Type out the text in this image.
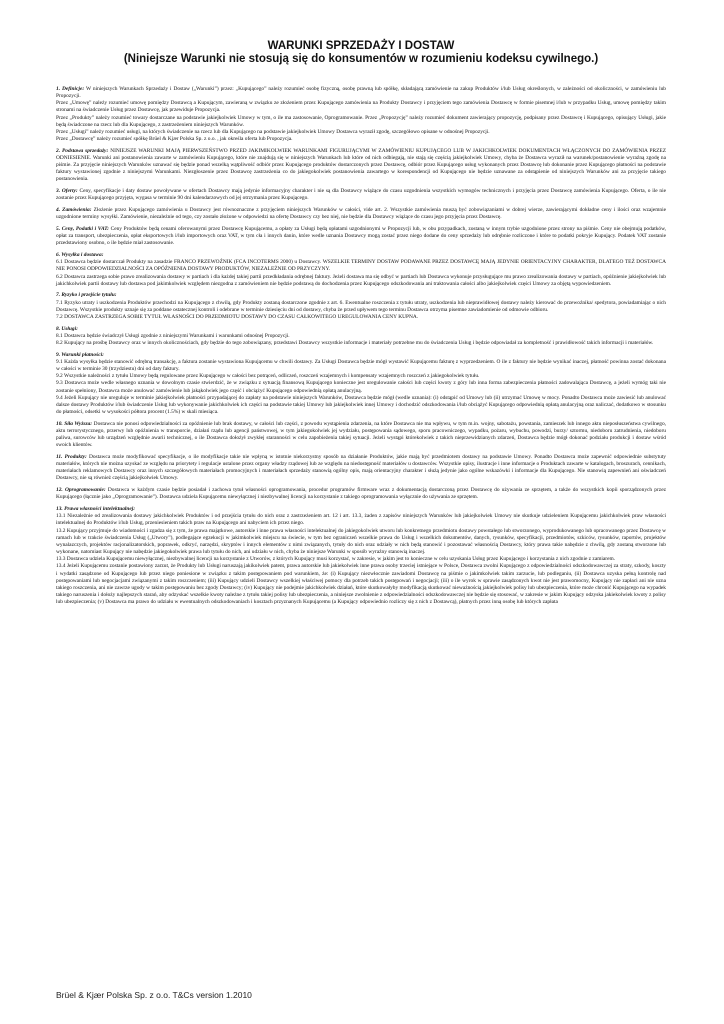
WARUNKI SPRZEDAŻY I DOSTAW
(Niniejsze Warunki nie stosują się do konsumentów w rozumieniu kodeksu cywilnego.)

1. Definicje: W niniejszych Warunkach Sprzedaży i Dostaw („Warunki”) przez: „Kupującego” należy rozumieć osobę fizyczną, osobę prawną lub spółkę, składającą zamówienie na zakup Produktów i/lub Usług określonych, w zależności od okoliczności, w zamówieniu lub Propozycji.

Przez „Umowę” należy rozumieć umowę pomiędzy Dostawcą a Kupującym, zawieraną w związku ze złożeniem przez Kupującego zamówienia na Produkty Dostawcy i przyjęciem tego zamówienia Dostawcę w formie pisemnej i/lub w przypadku Usług, umowę pomiędzy takim stronami na świadczenie Usług przez Dostawcę, jak przewiduje Propozycja.

Przez „Produkty” należy rozumieć towary dostarczane na podstawie jakiejkolwiek Umowy w tym, o ile ma zastosowanie, Oprogramowanie. Przez „Propozycję” należy rozumieć dokument zawierający propozycję, podpisany przez Dostawcę i Kupującego, opisujący Usługi, jakie będą świadczone na rzecz lub dla Kupującego, z zastrzeżeniem niniejszych Warunków.

Przez „Usługi” należy rozumieć usługi, na których świadczenie na rzecz lub dla Kupującego na podstawie jakiejkolwiek Umowy Dostawca wyraził zgodę, szczegółowo opisane w odnośnej Propozycji.

Przez „Dostawcę” należy rozumieć spółkę Brüel & Kjær Polska Sp. z o.o. , jak określa oferta lub Propozycja.

2. Podstawa sprzedaży: NINIEJSZE WARUNKI MAJĄ PIERWSZEŃSTWO PRZED JAKIMIKOLWIEK WARUNKAMI FIGURUJĄCYMI W ZAMÓWIENIU KUPUJĄCEGO LUB W JAKICHKOLWIEK DOKUMENTACH WŁĄCZONYCH DO ZAMÓWIENIA PRZEZ ODNIESIENIE. Warunki ani postanowienia zawarte w zamówieniu Kupującego, które nie znajdują się w niniejszych Warunkach lub które od nich odbiegają, nie stają się częścią jakiejkolwiek Umowy, chyba że Dostawca wyraził na warunek/postanowienie wyraźną zgodę na piśmie. Za przyjęcie niniejszych Warunków uznawać się będzie ponad wszelką wątpliwość odbiór przez Kupującego produktów dostarczonych przez Dostawcę, odbiór przez Kupującego usług wykonanych przez Dostawcę lub dokonanie przez Kupującego płatności na podstawie faktury wystawionej zgodnie z niniejszymi Warunkami. Niezgłoszenie przez Dostawcę zastrzeżenia co do jakiegokolwiek postanowienia zawartego w korespondencji od Kupującego nie będzie uznawane za odstąpienie od niniejszych Warunków ani za przyjęcie takiego postanowienia.

3. Oferty: Ceny, specyfikacje i daty dostaw powoływane w ofertach Dostawcy mają jedynie informacyjny charakter i nie są dla Dostawcy wiążące do czasu uzgodnienia wszystkich wymogów technicznych i przyjęcia przez Dostawcę zamówienia Kupującego. Oferta, o ile nie zostanie przez Kupującego przyjęta, wygasa w terminie 90 dni kalendarzowych od jej otrzymania przez Kupującego.

4. Zamówienia: Złożenie przez Kupującego zamówienia u Dostawcy jest równoznaczne z przyjęciem niniejszych Warunków w całości, vide art. 2. Wszystkie zamówienia muszą być zobowiązaniami w dobrej wierze, zawierającymi dokładne ceny i ilości oraz wzajemnie uzgodnione terminy wysyłki. Zamówienie, niezależnie od tego, czy zostało złożone w odpowiedzi na ofertę Dostawcy czy bez niej, nie będzie dla Dostawcy wiążące do czasu jego przyjęcia przez Dostawcę.

5. Ceny, Podatki i VAT: Ceny Produktów będą cenami oferowanymi przez Dostawcę Kupującemu, a opłaty za Usługi będą opłatami uzgodnionymi w Propozycji lub, w obu przypadkach, zostaną w innym trybie uzgodnione przez strony na piśmie. Ceny nie obejmują podatków, opłat za transport, ubezpieczenia, opłat eksportowych i/lub importowych oraz VAT, w tym cła i innych danin, które wedle uznania Dostawcy mogą zostać przez niego dodane do ceny sprzedaży lub odrębnie rozliczone i które to podatki pokryje Kupujący. Podatek VAT zostanie przedstawiony osobno, o ile będzie miał zastosowanie.

6. Wysyłka i dostawa:
6.1 Dostawca będzie dostarczał Produkty na zasadzie FRANCO PRZEWOŹNIK (FCA INCOTERMS 2000) u Dostawcy. WSZELKIE TERMINY DOSTAW PODAWANE PRZEZ DOSTAWCĘ MAJĄ JEDYNIE ORIENTACYJNY CHARAKTER, DLATEGO TEŻ DOSTAWCA NIE PONOSI ODPOWIEDZIALNOŚCI ZA OPÓŹNIENIA DOSTAWY PRODUKTÓW, NIEZALEŻNIE OD PRZYCZYNY.

6.2 Dostawca zastrzega sobie prawo zrealizowania dostawy w partiach i dla każdej takiej partii przedkładania odrębnej faktury. Jeżeli dostawa ma się odbyć w partiach lub Dostawca wykonuje przysługujące mu prawo zrealizowania dostawy w partiach, opóźnienie jakiejkolwiek lub jakichkolwiek partii dostawy lub dostawa pod jakimkolwiek względem niezgodna z zamówieniem nie będzie podstawą do dochodzenia przez Kupującego odszkodowania ani traktowania całości albo jakiejkolwiek części Umowy za objętą wypowiedzeniem.

7. Ryzyko i przejście tytułu:
7.1 Ryzyko utraty i uszkodzenia Produktów przechodzi na Kupującego z chwilą, gdy Produkty zostaną dostarczone zgodnie z art. 6. Ewentualne roszczenia z tytułu utraty, uszkodzenia lub nieprawidłowej dostawy należy kierować do przewoźnika/ spedytora, powiadamiając o nich Dostawcę. Wszystkie produkty uznaje się za poddane ostatecznej kontroli i odebrane w terminie dziesięciu dni od dostawy, chyba że przed upływem tego terminu Dostawca otrzyma pisemne zawiadomienie od odmowie odbioru.

7.2 DOSTAWCA ZASTRZEGA SOBIE TYTUŁ WŁASNOŚCI DO PRZEDMIOTU DOSTAWY DO CZASU CAŁKOWITEGO UREGULOWANIA CENY KUPNA.

8. Usługi:
8.1 Dostawca będzie świadczył Usługi zgodnie z niniejszymi Warunkami i warunkami odnośnej Propozycji.

8.2 Kupujący na prośbę Dostawcy oraz w innych okolicznościach, gdy będzie do tego zobowiązany, przedstawi Dostawcy wszystkie informacje i materiały potrzebne mu do świadczenia Usług i będzie odpowiadał za kompletność i prawidłowość takich informacji i materiałów.

9. Warunki płatności:
9.1 Każda wysyłka będzie stanowić odrębną transakcję, a faktura zostanie wystawiona Kupującemu w chwili dostawy. Za Usługi Dostawca będzie mógł wystawić Kupującemu fakturę z wyprzedzeniem. O ile z faktury nie będzie wynikać inaczej, płatność powinna zostać dokonana w całości w terminie 30 (trzydziestu) dni od daty faktury.

9.2 Wszystkie należności z tytułu Umowy będą regulowane przez Kupującego w całości bez potrąceń, odliczeń, roszczeń wzajemnych i kompensaty wzajemnych roszczeń z jakiegokolwiek tytułu.

9.3 Dostawca może wedle własnego uznania w dowolnym czasie stwierdzić, że w związku z sytuacją finansową Kupującego konieczne jest uregulowanie całości lub części kwoty z góry lub inna forma zabezpieczenia płatności zadowalająca Dostawcę, a jeżeli wymóg taki nie zostanie spełniony, Dostawca może anulować zamówienie lub jakąkolwiek jego część i obciążyć Kupującego odpowiednią opłatą anulacyjną.

9.4 Jeżeli Kupujący nie ureguluje w terminie jakiejkolwiek płatności przypadającej do zapłaty na podstawie niniejszych Warunków, Dostawca będzie mógł (wedle uznania): (i) odstąpić od Umowy lub (ii) utrzymać Umowę w mocy. Ponadto Dostawca może zawiesić lub anulować dalsze dostawy Produktów i/lub świadczenie Usług lub wykonywanie jakichkolwiek ich części na podstawie takiej Umowy lub jakiejkolwiek innej Umowy i dochodzić odszkodowania i/lub obciążyć Kupującego odpowiednią opłatą anulacyjną oraz naliczać, dodatkowo w stosunku do płatności, odsetki w wysokości półtora procent (1.5%) w skali miesiąca.

10. Siła Wyższa: Dostawca nie ponosi odpowiedzialności za opóźnienie lub brak dostawy, w całości lub części, z powodu wystąpienia zdarzenia, na które Dostawca nie ma wpływu, w tym m.in. wojny, sabotażu, powstania, zamieszek lub innego aktu nieposłuszeństwa cywilnego, aktu terrorystycznego, przerwy lub opóźnienia w transporcie, działań rządu lub agencji państwowej, w tym jakiegokolwiek jej wydziału, postępowania sądowego, sporu pracowniczego, wypadku, pożaru, wybuchu, powodzi, burzy/ sztormu, niedoboru zatrudnienia, niedoboru paliwa, surowców lub urządzeń względnie awarii technicznej, o ile Dostawca dołożył zwykłej staranności w celu zapobieżenia takiej sytuacji. Jeżeli wystąpi którekolwiek z takich nieprzewidzianych zdarzeń, Dostawca będzie mógł dokonać podziału produkcji i dostaw wśród swoich klientów.

11. Produkty: Dostawca może modyfikować specyfikacje, o ile modyfikacje takie nie wpłyną w istotnie niekorzystny sposób na działanie Produktów, jakie mają być przedmiotem dostawy na podstawie Umowy. Ponadto Dostawca może zapewnić odpowiednie substytuty materiałów, których nie można uzyskać ze względu na priorytety i regulacje ustalone przez organy władzy rządowej lub ze względu na niedostępność materiałów u dostawców. Wszystkie opisy, ilustracje i inne informacje o Produktach zawarte w katalogach, broszurach, cennikach, materiałach reklamowych Dostawcy oraz innych szczegółowych materiałach promocyjnych i materiałach sprzedaży stanowią ogólny opis, mają orientacyjny charakter i służą jedynie jako ogólne wskazówki i informacje dla Kupującego. Nie stanowią zapewnień ani oświadczeń Dostawcy, nie są również częścią jakiejkolwiek Umowy.

12. Oprogramowanie: Dostawca w każdym czasie będzie posiadał i zachowa tytuł własności oprogramowania, procedur programów firmware wraz z dokumentacją dostarczoną przez Dostawcę do używania ze sprzętem, a także do wszystkich kopii sporządzonych przez Kupującego (łącznie jako „Oprogramowanie”). Dostawca udziela Kupującemu niewyłącznej i niezbywalnej licencji na korzystanie z takiego oprogramowania wyłącznie do używania ze sprzętem.

13. Prawa własności intelektualnej:
13.1 Niezależnie od zrealizowania dostawy jakichkolwiek Produktów i od przejścia tytułu do nich oraz z zastrzeżeniem art. 12 i art. 13.3, żaden z zapisów niniejszych Warunków lub jakiejkolwiek Umowy nie skutkuje udzieleniem Kupującemu jakichkolwiek praw własności intelektualnej do Produktów i/lub Usług, przeniesieniem takich praw na Kupującego ani nabyciem ich przez niego.

13.2 Kupujący przyjmuje do wiadomości i zgadza się z tym, że prawa majątkowe, autorskie i inne prawa własności intelektualnej do jakiegokolwiek utworu lub konkretnego przedmiotu dostawy powstałego lub stworzonego, wyprodukowanego lub opracowanego przez Dostawcę w ramach lub w trakcie świadczenia Usług („Utwory”), podlegające egzekucji w jakimkolwiek miejscu na świecie, w tym bez ograniczeń wszelkie prawa do Usług i wszelkich dokumentów, danych, rysunków, specyfikacji, przedmiotów, szkiców, rysunków, raportów, projektów wynalazczych, projektów racjonalizatorskich, poprawek, odkryć, narzędzi, skryptów i innych elementów z nimi związanych, tytuły do nich oraz udziały w nich będą stanowić i pozostawać własnością Dostawcy, który prawa takie nabędzie z chwilą, gdy zostaną stworzone lub wykonane, natomiast Kupujący nie nabędzie jakiegokolwiek prawa lub tytułu do nich, ani udziału w nich, chyba że niniejsze Warunki w sposób wyraźny stanowią inaczej.

13.3 Dostawca udziela Kupującemu niewyłącznej, niezbywalnej licencji na korzystanie z Utworów, z których Kupujący musi korzystać, w zakresie, w jakim jest to konieczne w celu uzyskania Usług przez Kupującego i korzystania z nich zgodnie z zamiarem.

13.4 Jeżeli Kupującemu zostanie postawiony zarzut, że Produkty lub Usługi naruszają jakikolwiek patent, prawa autorskie lub jakiekolwiek inne prawa osoby trzeciej istniejące w Polsce, Dostawca zwolni Kupującego z odpowiedzialności odszkodowawczej za straty, szkody, koszty i wydatki zasądzone od Kupującego lub przez niego poniesione w związku z takim postępowaniem pod warunkiem, że: (i) Kupujący niezwłocznie zawiadomi Dostawcę na piśmie o jakimkolwiek takim zarzucie, lub podleganiu, (ii) Dostawca uzyska pełną kontrolę nad postępowaniami lub negocjacjami związanymi z takim roszczeniem; (iii) Kupujący udzieli Dostawcy wszelkiej właściwej pomocy dla potrzeb takich postępowań i negocjacji; (iii) o ile wyrok w sprawie zasądzonych kwot nie jest prawomocny, Kupujący nie zapłaci ani nie uzna takiego roszczenia, ani nie zawrze ugody w takim postępowaniu bez zgody Dostawcy; (iv) Kupujący nie podejmie jakichkolwiek działań, które skutkowałyby modyfikacją skutkować nieważnością jakiejkolwiek polisy lub ubezpieczenia, które może chronić Kupującego na wypadek takiego naruszenia i dołoży najlepszych starań, aby odzyskać wszelkie kwoty należne z tytułu takiej polisy lub ubezpieczenia, a niniejsze zwolnienie z odpowiedzialności odszkodowawczej nie będzie się stosować, w zakresie w jakim Kupujący odzyska jakiekolwiek kwoty z polisy lub ubezpieczenia; (v) Dostawca ma prawo do udziału w ewentualnych odszkodowaniach i kosztach przyznanych Kupującemu (a Kupujący odpowiednio rozliczy się z nich z Dostawcą), płatnych przez inną osobę lub których zapłata

Brüel & Kjær Polska Sp. z o.o. T&Cs version 1.2010
